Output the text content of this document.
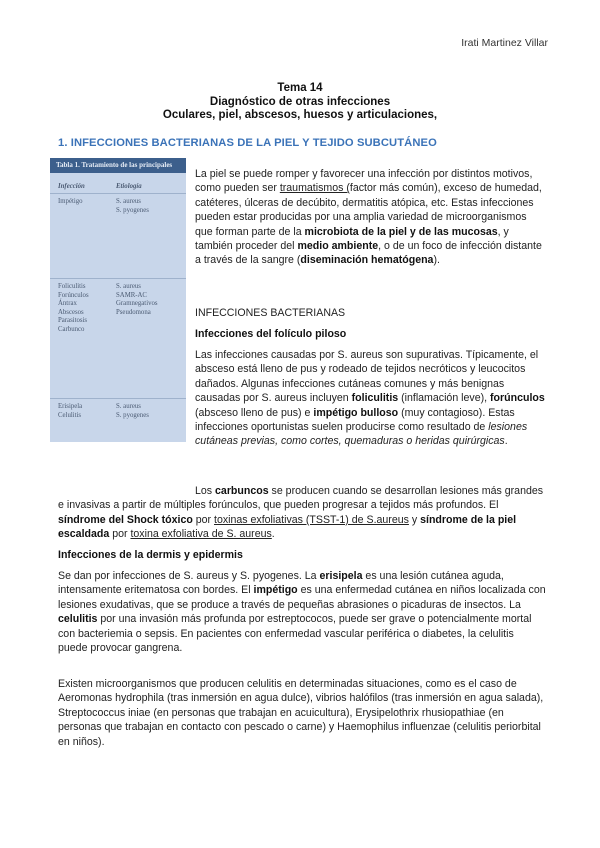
Irati Martinez Villar
Tema 14
Diagnóstico de otras infecciones
Oculares, piel, abscesos, huesos y articulaciones,
1. INFECCIONES BACTERIANAS DE LA PIEL Y TEJIDO SUBCUTÁNEO
Tabla 1. Tratamiento de las principales
Infección	Etiología
Impétigo	S. aureus
S. pyogenes
Foliculitis
Forúnculos
Ántrax
Abscesos
Parasitosis
Carbunco
S. aureus
SAMR-AC
Gramnegativos
Pseudomona
Erisipela
Celulitis
S. aureus
S. pyogenes

La piel se puede romper y favorecer una infección por distintos motivos, como pueden ser traumatismos (factor más común), exceso de humedad, catéteres, úlceras de decúbito, dermatitis atópica, etc. Estas infecciones pueden estar producidas por una amplia variedad de microorganismos que forman parte de la microbiota de la piel y de las mucosas, y también proceder del medio ambiente, o de un foco de infección distante a través de la sangre (diseminación hematógena).

INFECCIONES BACTERIANAS
Infecciones del folículo piloso

Las infecciones causadas por S. aureus son supurativas. Típicamente, el absceso está lleno de pus y rodeado de tejidos necróticos y leucocitos dañados. Algunas infecciones cutáneas comunes y más benignas causadas por S. aureus incluyen foliculitis (inflamación leve), forúnculos (absceso lleno de pus) e impétigo bulloso (muy contagioso). Estas infecciones oportunistas suelen producirse como resultado de lesiones cutáneas previas, como cortes, quemaduras o heridas quirúrgicas.

Los carbuncos se producen cuando se desarrollan lesiones más grandes e invasivas a partir de múltiples forúnculos, que pueden progresar a tejidos más profundos. El síndrome del Shock tóxico por toxinas exfoliativas (TSST-1) de S.aureus y síndrome de la piel escaldada por toxina exfoliativa de S. aureus.

Infecciones de la dermis y epidermis

Se dan por infecciones de S. aureus y S. pyogenes. La erisipela es una lesión cutánea aguda, intensamente eritematosa con bordes. El impétigo es una enfermedad cutánea en niños localizada con lesiones exudativas, que se produce a través de pequeñas abrasiones o picaduras de insectos. La celulitis por una invasión más profunda por estreptococos, puede ser grave o potencialmente mortal con bacteriemia o sepsis. En pacientes con enfermedad vascular periférica o diabetes, la celulitis puede provocar gangrena.

Existen microorganismos que producen celulitis en determinadas situaciones, como es el caso de Aeromonas hydrophila (tras inmersión en agua dulce), vibrios halófilos (tras inmersión en agua salada), Streptococcus iniae (en personas que trabajan en acuicultura), Erysipelothrix rhusiopathiae (en personas que trabajan en contacto con pescado o carne) y Haemophilus influenzae (celulitis periorbital en niños).
